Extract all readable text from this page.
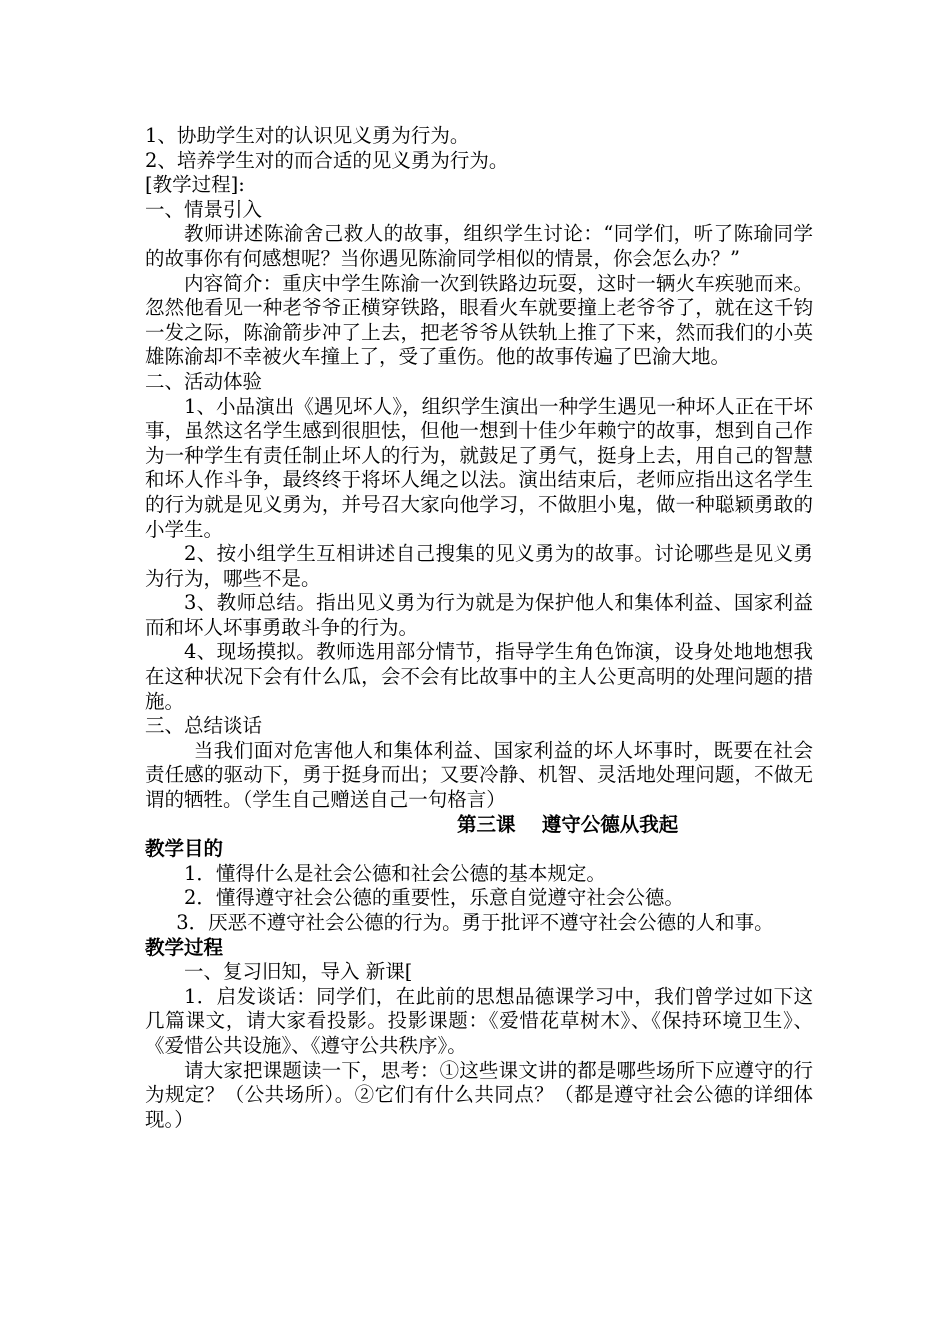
1、协助学生对的认识见义勇为行为。

2、培养学生对的而合适的见义勇为行为。

[教学过程]:

一、情景引入

教师讲述陈渝舍己救人的故事，组织学生讨论：“同学们，听了陈瑜同学的故事你有何感想呢？当你遇见陈渝同学相似的情景，你会怎么办？”

内容简介：重庆中学生陈渝一次到铁路边玩耍，这时一辆火车疾驰而来。忽然他看见一种老爷爷正横穿铁路，眼看火车就要撞上老爷爷了，就在这千钧一发之际，陈渝箭步冲了上去，把老爷爷从铁轨上推了下来，然而我们的小英雄陈渝却不幸被火车撞上了，受了重伤。他的故事传遍了巴渝大地。

二、活动体验

1、小品演出《遇见坏人》，组织学生演出一种学生遇见一种坏人正在干坏事，虽然这名学生感到很胆怯，但他一想到十佳少年赖宁的故事，想到自己作为一种学生有责任制止坏人的行为，就鼓足了勇气，挺身上去，用自己的智慧和坏人作斗争，最终终于将坏人绳之以法。演出结束后，老师应指出这名学生的行为就是见义勇为，并号召大家向他学习，不做胆小鬼，做一种聪颖勇敢的小学生。

2、按小组学生互相讲述自己搜集的见义勇为的故事。讨论哪些是见义勇为行为，哪些不是。

3、教师总结。指出见义勇为行为就是为保护他人和集体利益、国家利益而和坏人坏事勇敢斗争的行为。

4、现场摸拟。教师选用部分情节，指导学生角色饰演，设身处地地想我在这种状况下会有什么瓜，会不会有比故事中的主人公更高明的处理问题的措施。

三、总结谈话

当我们面对危害他人和集体利益、国家利益的坏人坏事时，既要在社会责任感的驱动下，勇于挺身而出；又要冷静、机智、灵活地处理问题，不做无谓的牺牲。（学生自己赠送自己一句格言）

第三课　 遵守公德从我起

教学目的

1．懂得什么是社会公德和社会公德的基本规定。

2．懂得遵守社会公德的重要性，乐意自觉遵守社会公德。

3．厌恶不遵守社会公德的行为。勇于批评不遵守社会公德的人和事。

教学过程

一、复习旧知，导入 新课[

1．启发谈话：同学们，在此前的思想品德课学习中，我们曾学过如下这几篇课文，请大家看投影。投影课题：《爱惜花草树木》、《保持环境卫生》、《爱惜公共设施》、《遵守公共秩序》。

请大家把课题读一下，思考：①这些课文讲的都是哪些场所下应遵守的行为规定？（公共场所）。②它们有什么共同点？（都是遵守社会公德的详细体现。）
